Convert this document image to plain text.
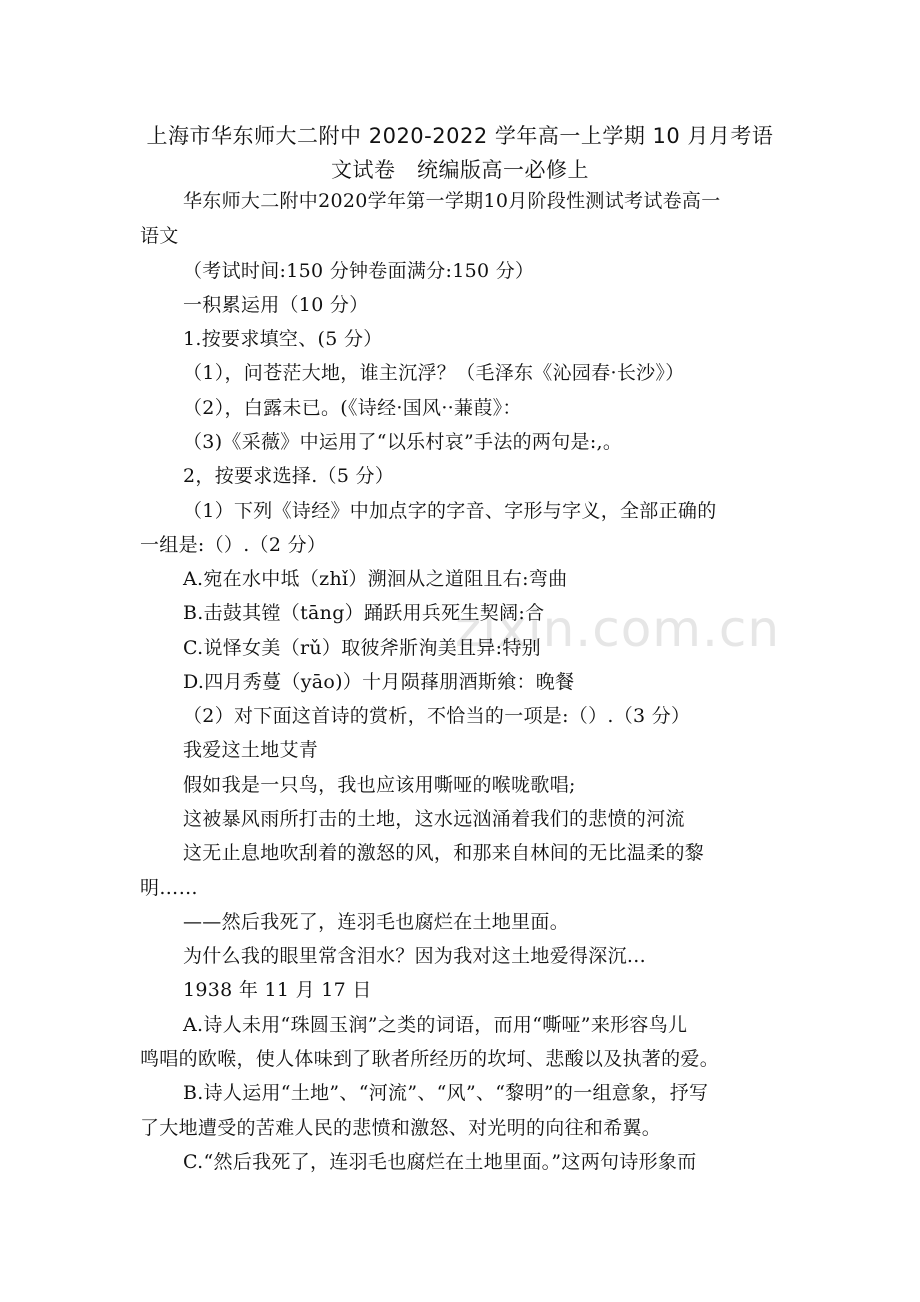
上海市华东师大二附中 2020-2022 学年高一上学期 10 月月考语
文试卷　统编版高一必修上
zixin.com.cn
华东师大二附中2020学年第一学期10月阶段性测试考试卷高一
语文
（考试时间:150 分钟卷面满分:150 分）
一积累运用（10 分）
1.按要求填空、(5 分）
（1），问苍茫大地，谁主沉浮？（毛泽东《沁园春·长沙》）
（2），白露未已。(《诗经·国风··蒹葭》：
（3)《采薇》中运用了“以乐村哀”手法的两句是:,。
2，按要求选择.（5 分）
（1）下列《诗经》中加点字的字音、字形与字义，全部正确的
一组是:（）.（2 分）
A.宛在水中坻（zhǐ）溯洄从之道阻且右:弯曲
B.击鼓其镗（tāng）踊跃用兵死生契阔:合
C.说怿女美（rǔ）取彼斧斨洵美且异:特别
D.四月秀蔓（yāo)）十月陨萚朋酒斯飨：晚餐
（2）对下面这首诗的赏析，不恰当的一项是:（）.（3 分）
我爱这土地艾青
假如我是一只鸟，我也应该用嘶哑的喉咙歌唱;
这被暴风雨所打击的土地，这水远汹涌着我们的悲愤的河流
这无止息地吹刮着的激怒的风，和那来自林间的无比温柔的黎
明……
——然后我死了，连羽毛也腐烂在土地里面。
为什么我的眼里常含泪水？因为我对这土地爱得深沉...
1938 年 11 月 17 日
A.诗人未用“珠圆玉润”之类的词语，而用“嘶哑”来形容鸟儿
鸣唱的欧喉，使人体味到了耿者所经历的坎坷、悲酸以及执著的爱。
B.诗人运用“土地”、“河流”、“风”、“黎明”的一组意象，抒写
了大地遭受的苦难人民的悲愤和激怒、对光明的向往和希翼。
C.“然后我死了，连羽毛也腐烂在土地里面。”这两句诗形象而
